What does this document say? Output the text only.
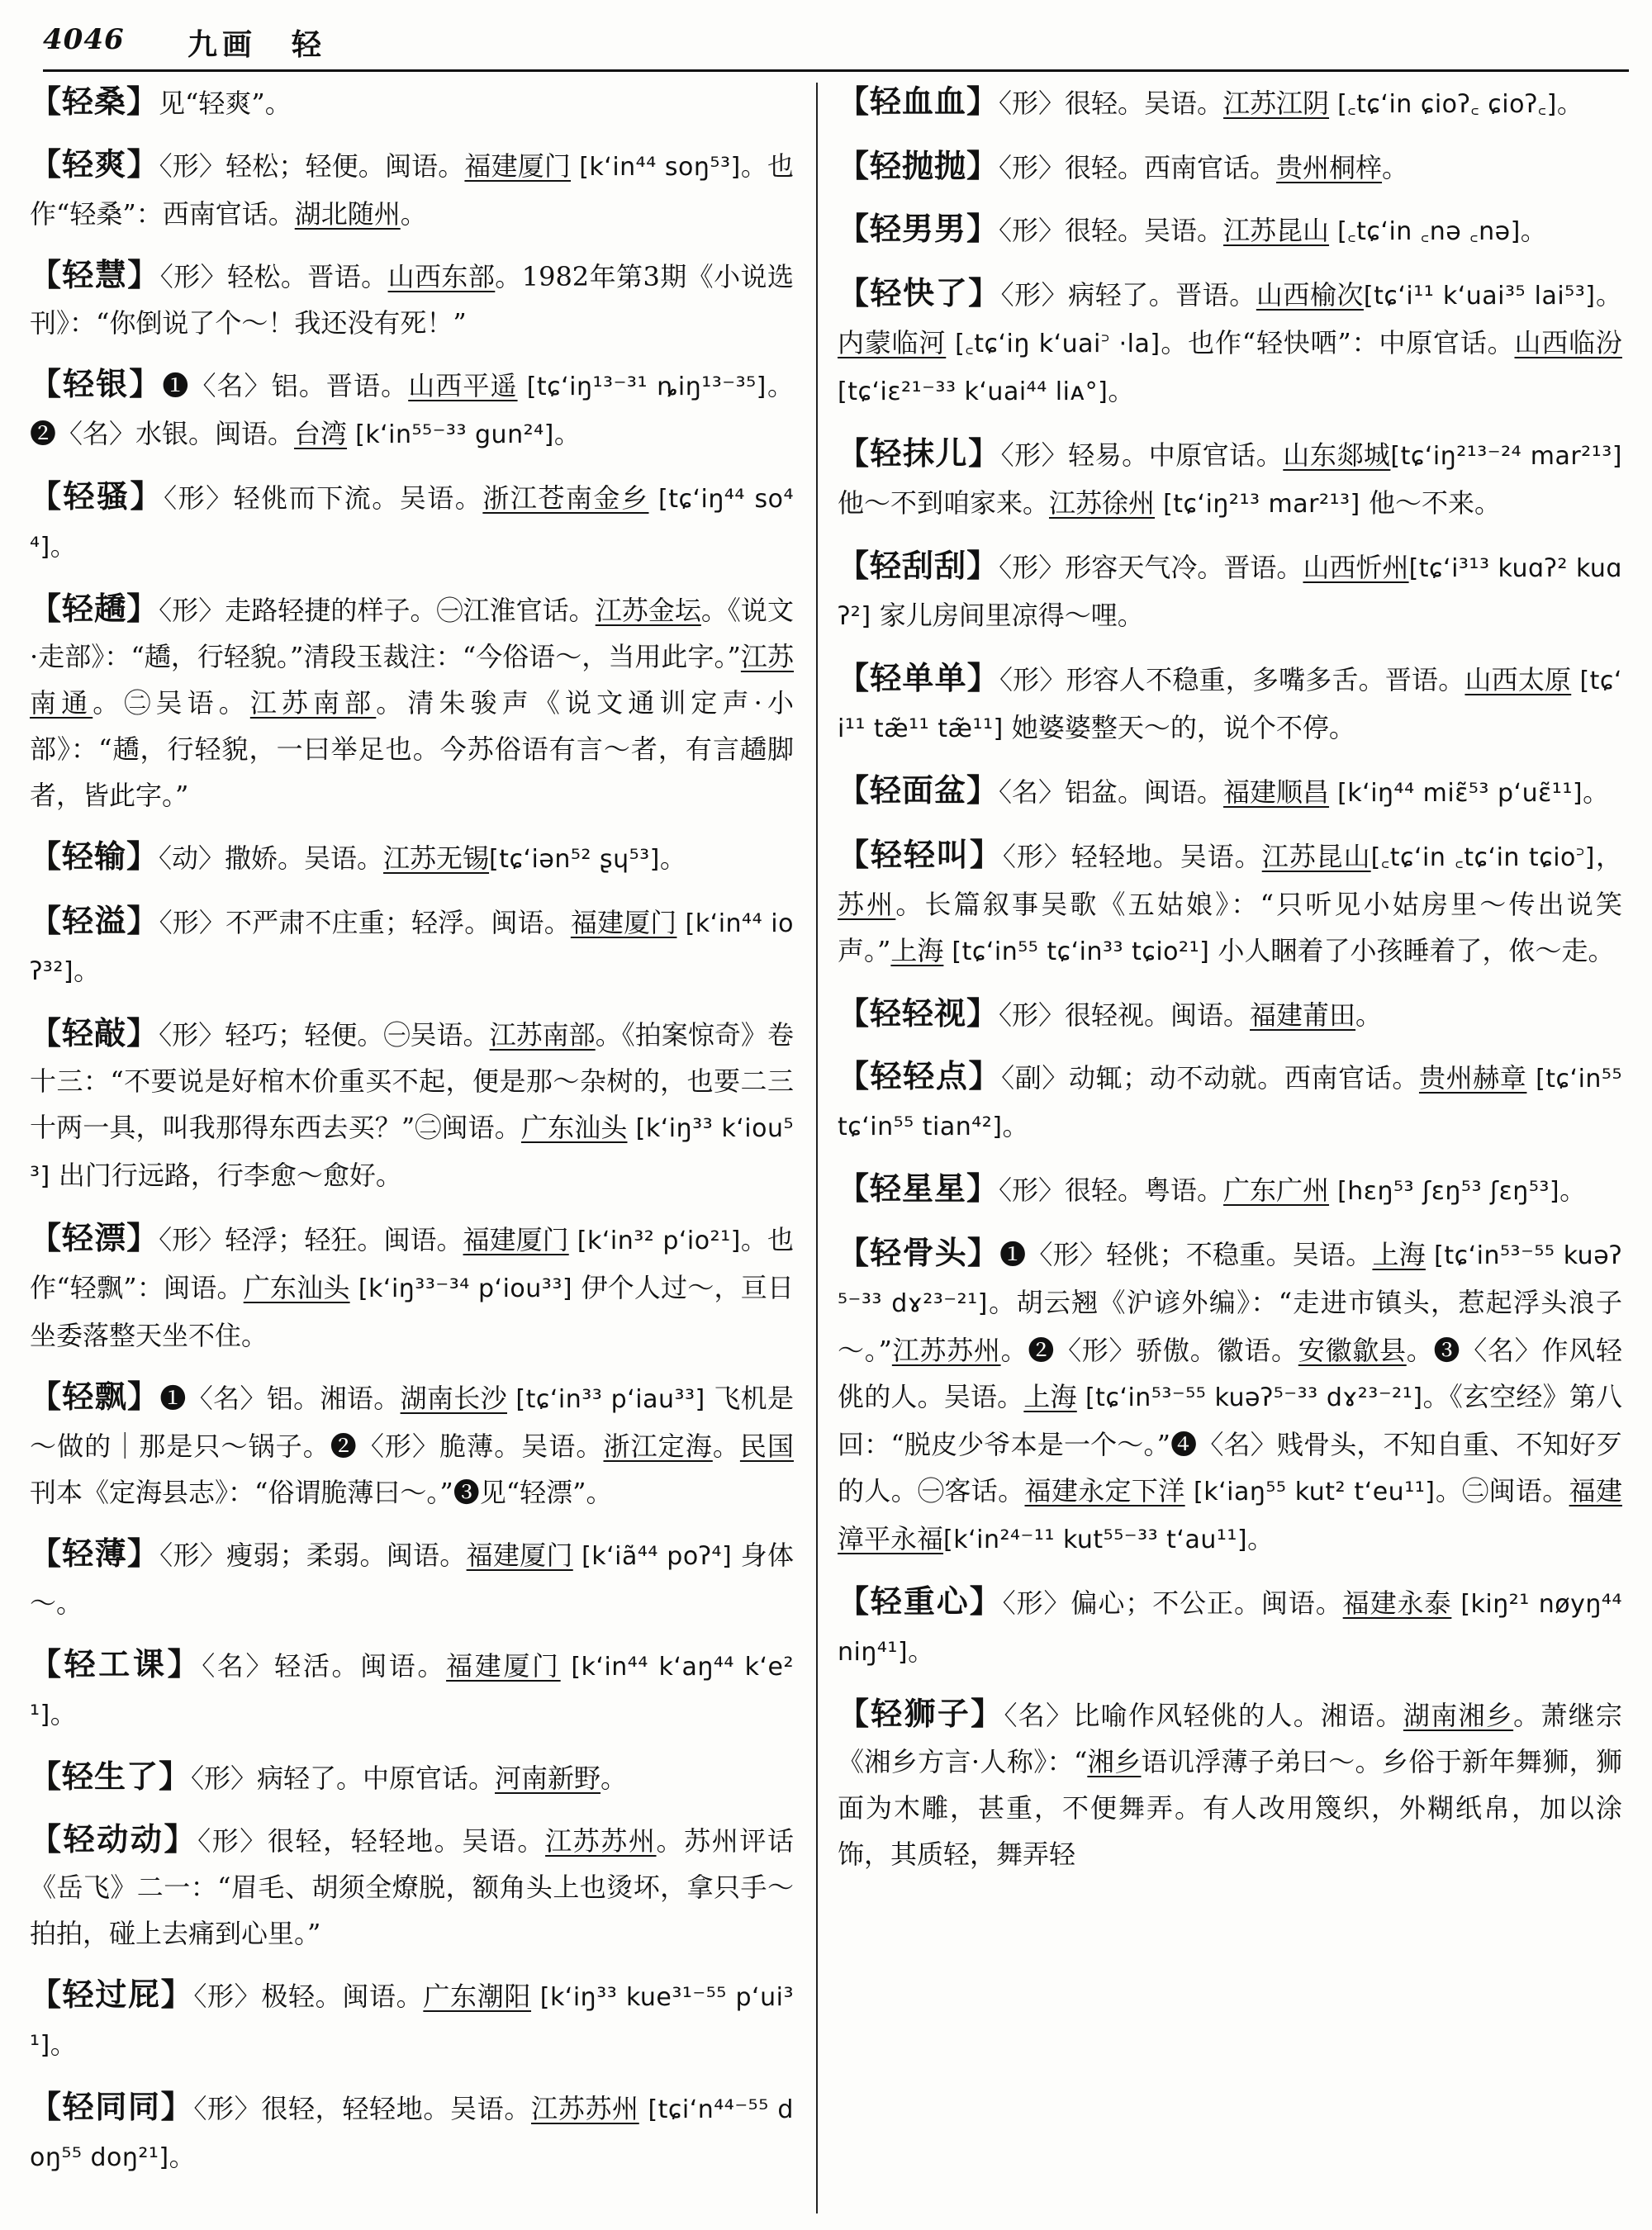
4046 九画　轻

【轻桑】见“轻爽”。

【轻爽】〈形〉轻松；轻便。闽语。福建厦门 [kʻin⁴⁴ soŋ⁵³]。也作“轻桑”：西南官话。湖北随州。

【轻慧】〈形〉轻松。晋语。山西东部。1982年第3期《小说选刊》：“你倒说了个～！我还没有死！”

【轻银】❶〈名〉铝。晋语。山西平遥 [tɕʻiŋ¹³⁻³¹ ȵiŋ¹³⁻³⁵]。❷〈名〉水银。闽语。台湾 [kʻin⁵⁵⁻³³ gun²⁴]。

【轻骚】〈形〉轻佻而下流。吴语。浙江苍南金乡 [tɕʻiŋ⁴⁴ so⁴⁴]。

【轻趫】〈形〉走路轻捷的样子。㊀江淮官话。江苏金坛。《说文·走部》：“趫，行轻貌。”清段玉裁注：“今俗语～，当用此字。”江苏南通。㊁吴语。江苏南部。清朱骏声《说文通训定声·小部》：“趫，行轻貌，一曰举足也。今苏俗语有言～者，有言趫脚者，皆此字。”

【轻输】〈动〉撒娇。吴语。江苏无锡[tɕʻiən⁵² ʂɥ⁵³]。

【轻溢】〈形〉不严肃不庄重；轻浮。闽语。福建厦门 [kʻin⁴⁴ ioʔ³²]。

【轻敲】〈形〉轻巧；轻便。㊀吴语。江苏南部。《拍案惊奇》卷十三：“不要说是好棺木价重买不起，便是那～杂树的，也要二三十两一具，叫我那得东西去买？”㊁闽语。广东汕头 [kʻiŋ³³ kʻiou⁵³] 出门行远路，行李愈～愈好。

【轻漂】〈形〉轻浮；轻狂。闽语。福建厦门 [kʻin³² pʻio²¹]。也作“轻飘”：闽语。广东汕头 [kʻiŋ³³⁻³⁴ pʻiou³³] 伊个人过～，亘日坐委落整天坐不住。

【轻飘】❶〈名〉铝。湘语。湖南长沙 [tɕʻin³³ pʻiau³³] 飞机是～做的｜那是只～锅子。❷〈形〉脆薄。吴语。浙江定海。民国刊本《定海县志》：“俗谓脆薄曰～。”❸见“轻漂”。

【轻薄】〈形〉瘦弱；柔弱。闽语。福建厦门 [kʻiã⁴⁴ poʔ⁴] 身体～。

【轻工课】〈名〉轻活。闽语。福建厦门 [kʻin⁴⁴ kʻaŋ⁴⁴ kʻe²¹]。

【轻生了】〈形〉病轻了。中原官话。河南新野。

【轻动动】〈形〉很轻，轻轻地。吴语。江苏苏州。苏州评话《岳飞》二一：“眉毛、胡须全燎脱，额角头上也烫坏，拿只手～拍拍，碰上去痛到心里。”

【轻过屁】〈形〉极轻。闽语。广东潮阳 [kʻiŋ³³ kue³¹⁻⁵⁵ pʻui³¹]。

【轻同同】〈形〉很轻，轻轻地。吴语。江苏苏州 [tɕiʻn⁴⁴⁻⁵⁵ doŋ⁵⁵ doŋ²¹]。

【轻血血】〈形〉很轻。吴语。江苏江阴 [꜀tɕʻin ɕioʔ꜀ ɕioʔ꜀]。

【轻抛抛】〈形〉很轻。西南官话。贵州桐梓。

【轻男男】〈形〉很轻。吴语。江苏昆山 [꜀tɕʻin ꜀nə ꜀nə]。

【轻快了】〈形〉病轻了。晋语。山西榆次[tɕʻi¹¹ kʻuai³⁵ lai⁵³]。内蒙临河 [꜀tɕʻiŋ kʻuai꜄ ·la]。也作“轻快哂”：中原官话。山西临汾 [tɕʻiɛ²¹⁻³³ kʻuai⁴⁴ liᴀ°]。

【轻抹儿】〈形〉轻易。中原官话。山东郯城[tɕʻiŋ²¹³⁻²⁴ mar²¹³] 他～不到咱家来。江苏徐州 [tɕʻiŋ²¹³ mar²¹³] 他～不来。

【轻刮刮】〈形〉形容天气冷。晋语。山西忻州[tɕʻi³¹³ kuɑʔ² kuɑʔ²] 家儿房间里凉得～哩。

【轻单单】〈形〉形容人不稳重，多嘴多舌。晋语。山西太原 [tɕʻi¹¹ tæ̃¹¹ tæ̃¹¹] 她婆婆整天～的，说个不停。

【轻面盆】〈名〉铝盆。闽语。福建顺昌 [kʻiŋ⁴⁴ miɛ̃⁵³ pʻuɛ̃¹¹]。

【轻轻叫】〈形〉轻轻地。吴语。江苏昆山[꜀tɕʻin ꜀tɕʻin tɕio꜄]，苏州。长篇叙事吴歌《五姑娘》：“只听见小姑房里～传出说笑声。”上海 [tɕʻin⁵⁵ tɕʻin³³ tɕio²¹] 小人睏着了小孩睡着了，侬～走。

【轻轻视】〈形〉很轻视。闽语。福建莆田。

【轻轻点】〈副〉动辄；动不动就。西南官话。贵州赫章 [tɕʻin⁵⁵ tɕʻin⁵⁵ tian⁴²]。

【轻星星】〈形〉很轻。粤语。广东广州 [hɛŋ⁵³ ʃɛŋ⁵³ ʃɛŋ⁵³]。

【轻骨头】❶〈形〉轻佻；不稳重。吴语。上海 [tɕʻin⁵³⁻⁵⁵ kuəʔ⁵⁻³³ dɤ²³⁻²¹]。胡云翘《沪谚外编》：“走进市镇头，惹起浮头浪子～。”江苏苏州。❷〈形〉骄傲。徽语。安徽歙县。❸〈名〉作风轻佻的人。吴语。上海 [tɕʻin⁵³⁻⁵⁵ kuəʔ⁵⁻³³ dɤ²³⁻²¹]。《玄空经》第八回：“脱皮少爷本是一个～。”❹〈名〉贱骨头，不知自重、不知好歹的人。㊀客话。福建永定下洋 [kʻiaŋ⁵⁵ kut² tʻeu¹¹]。㊁闽语。福建漳平永福[kʻin²⁴⁻¹¹ kut⁵⁵⁻³³ tʻau¹¹]。

【轻重心】〈形〉偏心；不公正。闽语。福建永泰 [kiŋ²¹ nøyŋ⁴⁴ niŋ⁴¹]。

【轻狮子】〈名〉比喻作风轻佻的人。湘语。湖南湘乡。萧继宗《湘乡方言·人称》：“湘乡语讥浮薄子弟曰～。乡俗于新年舞狮，狮面为木雕，甚重，不便舞弄。有人改用篾织，外糊纸帛，加以涂饰，其质轻，舞弄轻
